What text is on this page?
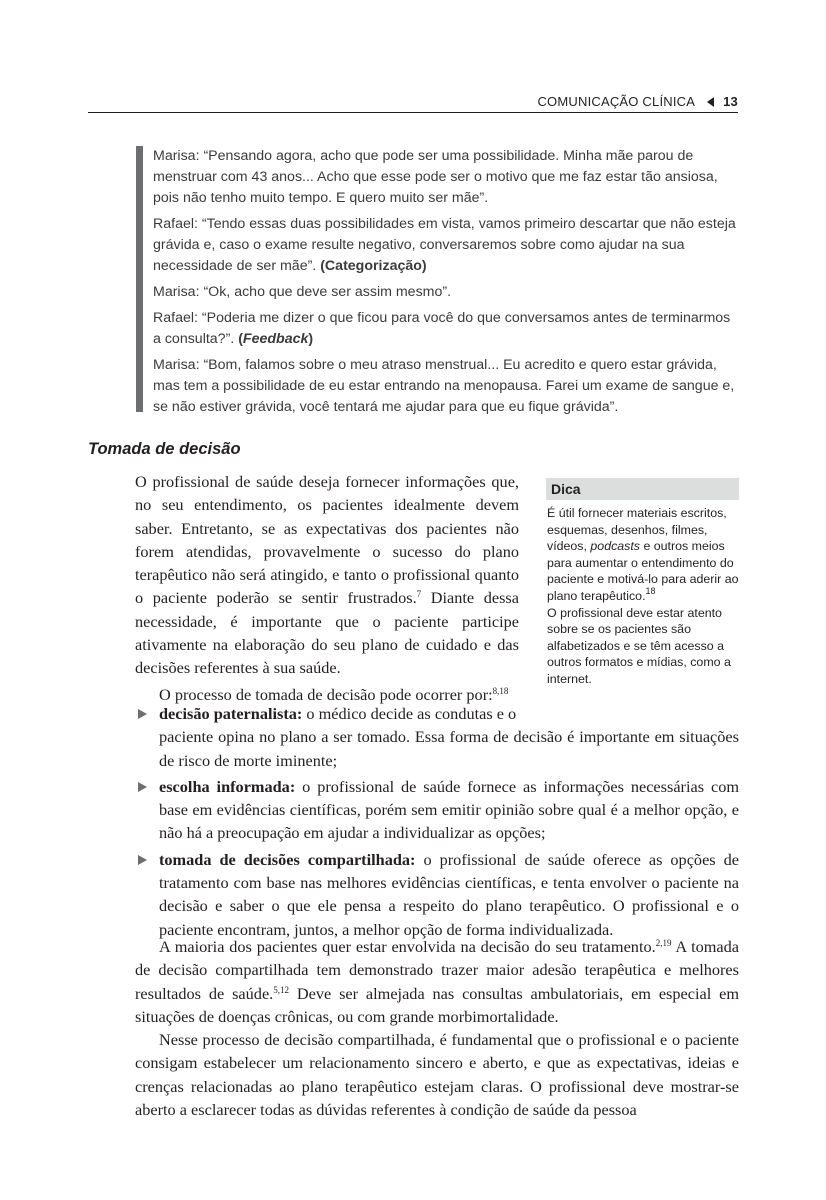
COMUNICAÇÃO CLÍNICA 13

Marisa: “Pensando agora, acho que pode ser uma possibilidade. Minha mãe parou de menstruar com 43 anos... Acho que esse pode ser o motivo que me faz estar tão ansiosa, pois não tenho muito tempo. E quero muito ser mãe”.

Rafael: “Tendo essas duas possibilidades em vista, vamos primeiro descartar que não esteja grávida e, caso o exame resulte negativo, conversaremos sobre como ajudar na sua necessidade de ser mãe”. (Categorização)

Marisa: “Ok, acho que deve ser assim mesmo”.

Rafael: “Poderia me dizer o que ficou para você do que conversamos antes de terminarmos a consulta?”. (Feedback)

Marisa: “Bom, falamos sobre o meu atraso menstrual... Eu acredito e quero estar grávida, mas tem a possibilidade de eu estar entrando na menopausa. Farei um exame de sangue e, se não estiver grávida, você tentará me ajudar para que eu fique grávida”.

Tomada de decisão

O profissional de saúde deseja fornecer informações que, no seu entendimento, os pacientes idealmente devem saber. Entretanto, se as expectativas dos pacientes não forem atendidas, provavelmente o sucesso do plano terapêutico não será atingido, e tanto o profissional quanto o paciente poderão se sentir frustrados.$^7$ Diante dessa necessidade, é importante que o paciente participe ativamente na elaboração do seu plano de cuidado e das decisões referentes à sua saúde.

O processo de tomada de decisão pode ocorrer por:$^{8,18}$

Dica
É útil fornecer materiais escritos, esquemas, desenhos, filmes, vídeos, podcasts e outros meios para aumentar o entendimento do paciente e motivá-lo para aderir ao plano terapêutico.$^{18}$
O profissional deve estar atento sobre se os pacientes são alfabetizados e se têm acesso a outros formatos e mídias, como a internet.
decisão paternalista: o médico decide as condutas e o
paciente opina no plano a ser tomado. Essa forma de decisão é importante em situações de risco de morte iminente;
escolha informada: o profissional de saúde fornece as informações necessárias com base em evidências científicas, porém sem emitir opinião sobre qual é a melhor opção, e não há a preocupação em ajudar a individualizar as opções;
tomada de decisões compartilhada: o profissional de saúde oferece as opções de tratamento com base nas melhores evidências científicas, e tenta envolver o paciente na decisão e saber o que ele pensa a respeito do plano terapêutico. O profissional e o paciente encontram, juntos, a melhor opção de forma individualizada.

A maioria dos pacientes quer estar envolvida na decisão do seu tratamento.$^{2,19}$ A tomada de decisão compartilhada tem demonstrado trazer maior adesão terapêutica e melhores resultados de saúde.$^{5,12}$ Deve ser almejada nas consultas ambulatoriais, em especial em situações de doenças crônicas, ou com grande morbimortalidade.

Nesse processo de decisão compartilhada, é fundamental que o profissional e o paciente consigam estabelecer um relacionamento sincero e aberto, e que as expectativas, ideias e crenças relacionadas ao plano terapêutico estejam claras. O profissional deve mostrar-se aberto a esclarecer todas as dúvidas referentes à condição de saúde da pessoa
